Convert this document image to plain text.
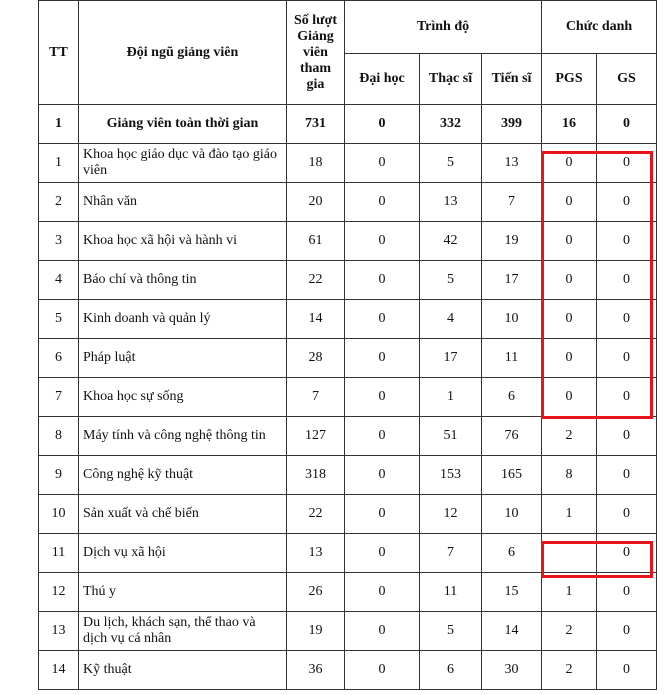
TT	Đội ngũ giảng viên	Số lượt Giảng viên tham gia	Trình độ			Chức danh	
			Đại học	Thạc sĩ	Tiến sĩ	PGS	GS
1	Giảng viên toàn thời gian	731	0	332	399	16	0
1	Khoa học giáo dục và đào tạo giáo viên	18	0	5	13	0	0
2	Nhân văn	20	0	13	7	0	0
3	Khoa học xã hội và hành vi	61	0	42	19	0	0
4	Báo chí và thông tin	22	0	5	17	0	0
5	Kinh doanh và quản lý	14	0	4	10	0	0
6	Pháp luật	28	0	17	11	0	0
7	Khoa học sự sống	7	0	1	6	0	0
8	Máy tính và công nghệ thông tin	127	0	51	76	2	0
9	Công nghệ kỹ thuật	318	0	153	165	8	0
10	Sản xuất và chế biến	22	0	12	10	1	0
11	Dịch vụ xã hội	13	0	7	6		0
12	Thú y	26	0	11	15	1	0
13	Du lịch, khách sạn, thể thao và dịch vụ cá nhân	19	0	5	14	2	0
14	Kỹ thuật	36	0	6	30	2	0
